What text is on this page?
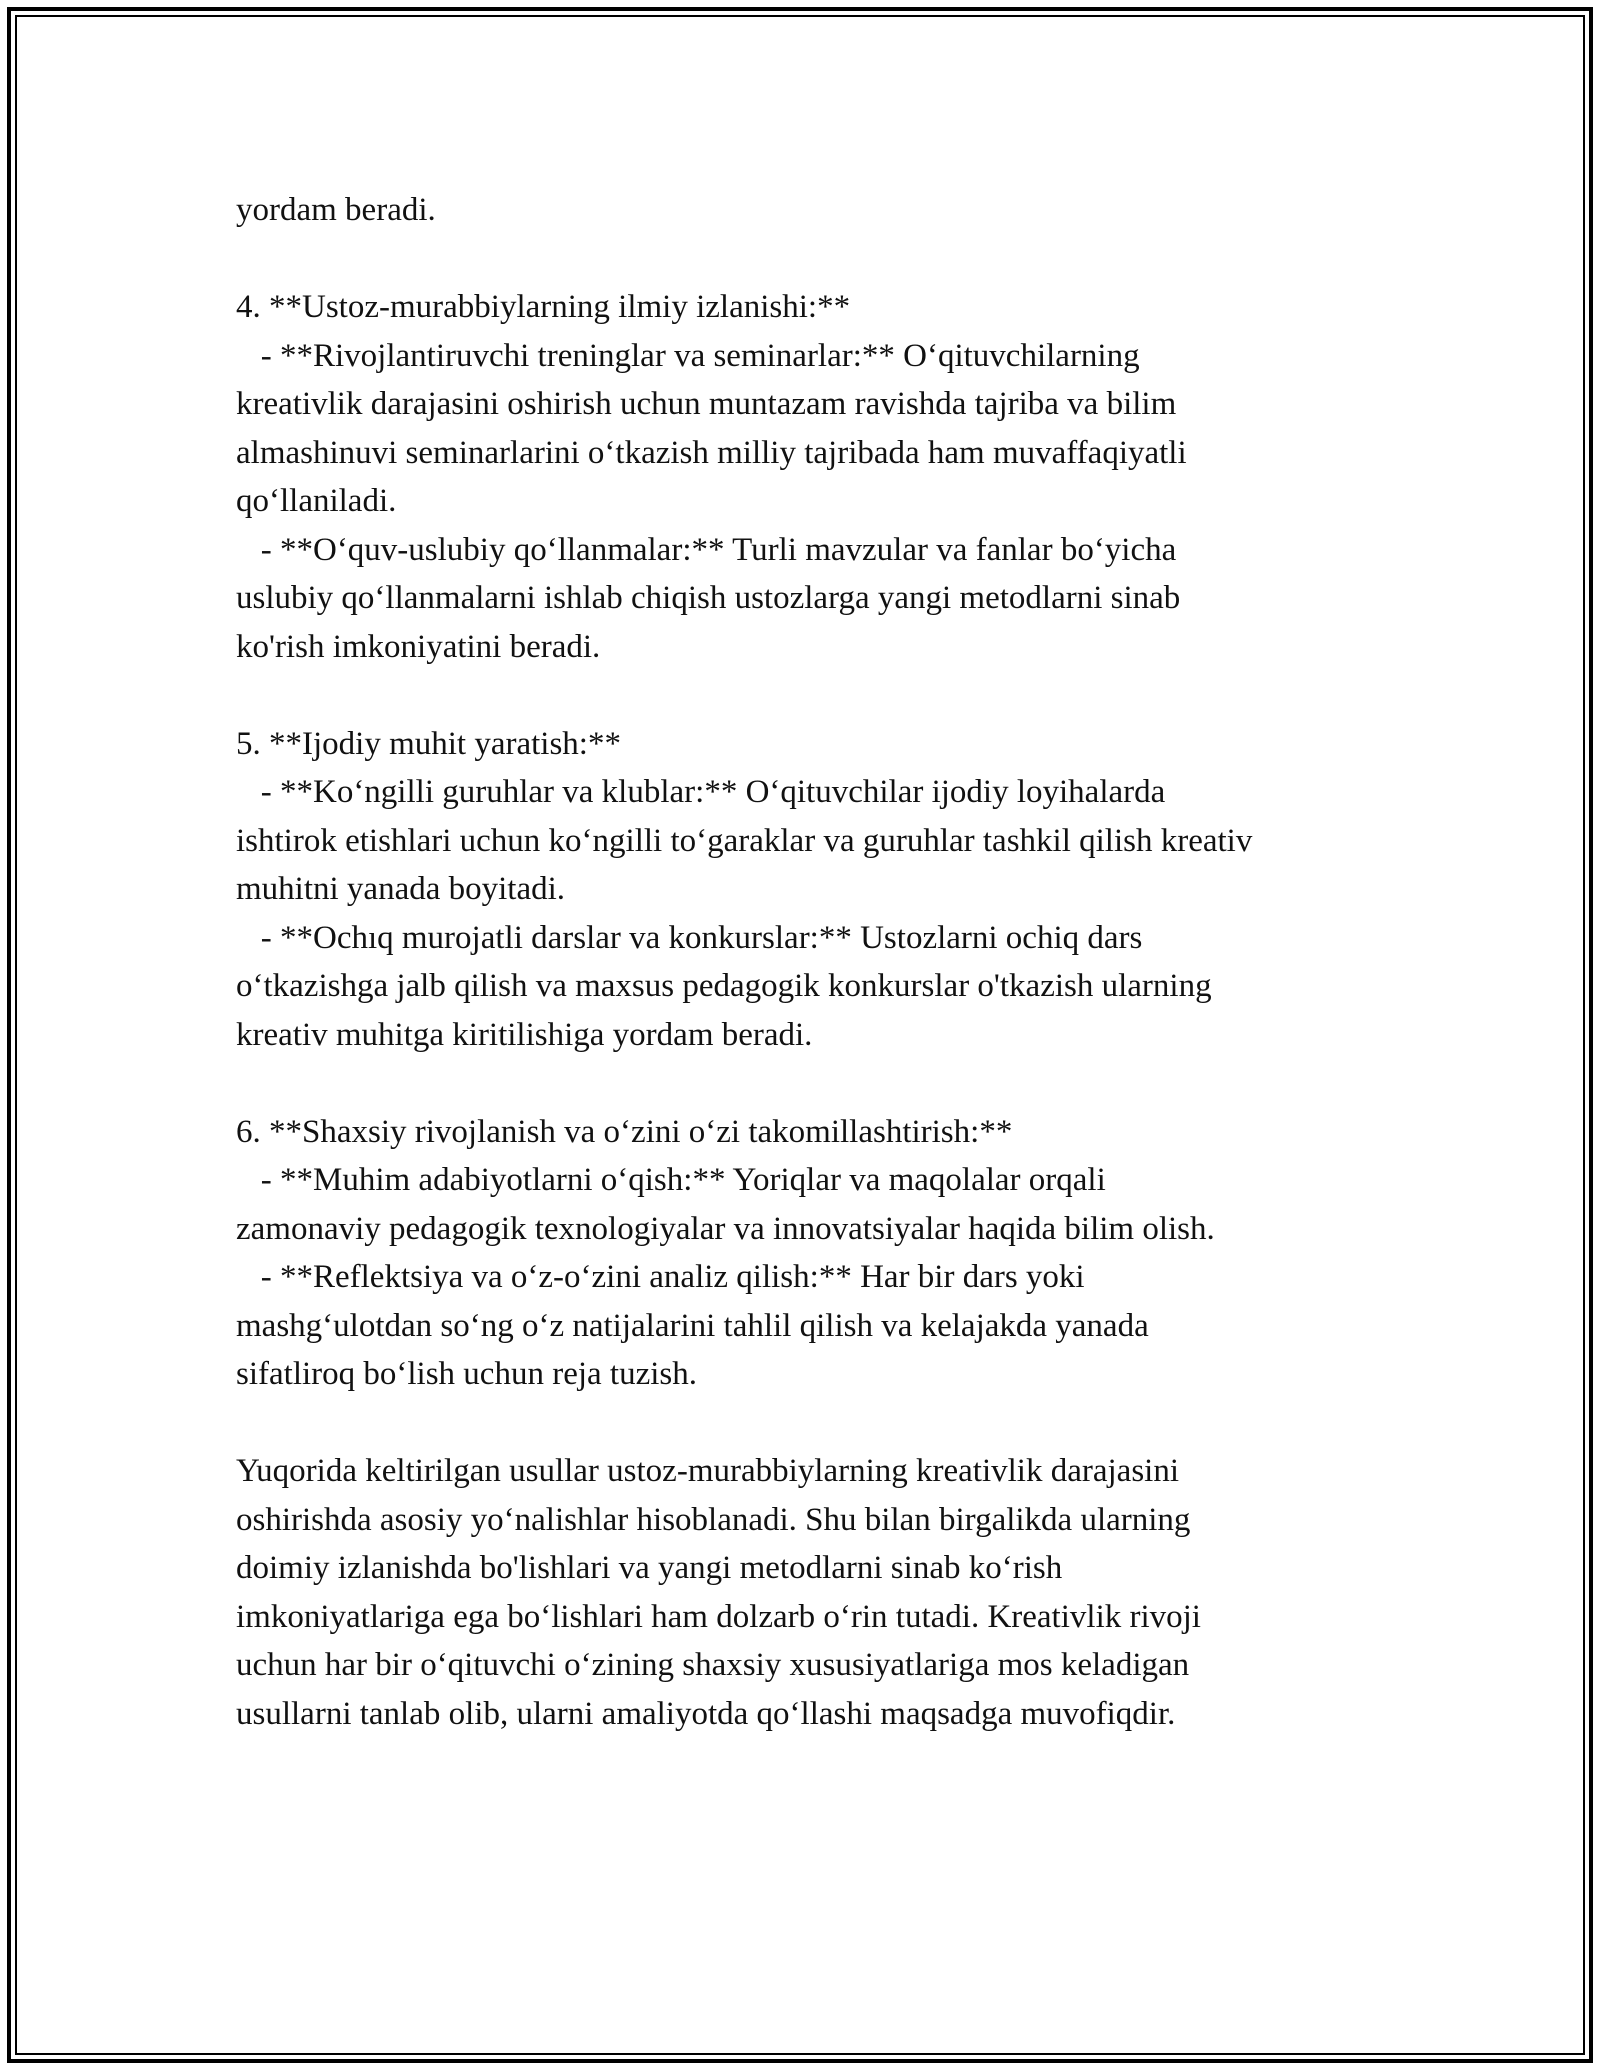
yordam beradi.
4. **Ustoz-murabbiylarning ilmiy izlanishi:**
- **Rivojlantiruvchi treninglar va seminarlar:** O‘qituvchilarning
kreativlik darajasini oshirish uchun muntazam ravishda tajriba va bilim
almashinuvi seminarlarini o‘tkazish milliy tajribada ham muvaffaqiyatli
qo‘llaniladi.
- **O‘quv-uslubiy qo‘llanmalar:** Turli mavzular va fanlar bo‘yicha
uslubiy qo‘llanmalarni ishlab chiqish ustozlarga yangi metodlarni sinab
ko'rish imkoniyatini beradi.
5. **Ijodiy muhit yaratish:**
- **Ko‘ngilli guruhlar va klublar:** O‘qituvchilar ijodiy loyihalarda
ishtirok etishlari uchun ko‘ngilli to‘garaklar va guruhlar tashkil qilish kreativ
muhitni yanada boyitadi.
- **Ochıq murojatli darslar va konkurslar:** Ustozlarni ochiq dars
o‘tkazishga jalb qilish va maxsus pedagogik konkurslar o'tkazish ularning
kreativ muhitga kiritilishiga yordam beradi.
6. **Shaxsiy rivojlanish va o‘zini o‘zi takomillashtirish:**
- **Muhim adabiyotlarni o‘qish:** Yoriqlar va maqolalar orqali
zamonaviy pedagogik texnologiyalar va innovatsiyalar haqida bilim olish.
- **Reflektsiya va o‘z-o‘zini analiz qilish:** Har bir dars yoki
mashg‘ulotdan so‘ng o‘z natijalarini tahlil qilish va kelajakda yanada
sifatliroq bo‘lish uchun reja tuzish.
Yuqorida keltirilgan usullar ustoz-murabbiylarning kreativlik darajasini
oshirishda asosiy yo‘nalishlar hisoblanadi. Shu bilan birgalikda ularning
doimiy izlanishda bo'lishlari va yangi metodlarni sinab ko‘rish
imkoniyatlariga ega bo‘lishlari ham dolzarb o‘rin tutadi. Kreativlik rivoji
uchun har bir o‘qituvchi o‘zining shaxsiy xususiyatlariga mos keladigan
usullarni tanlab olib, ularni amaliyotda qo‘llashi maqsadga muvofiqdir.
